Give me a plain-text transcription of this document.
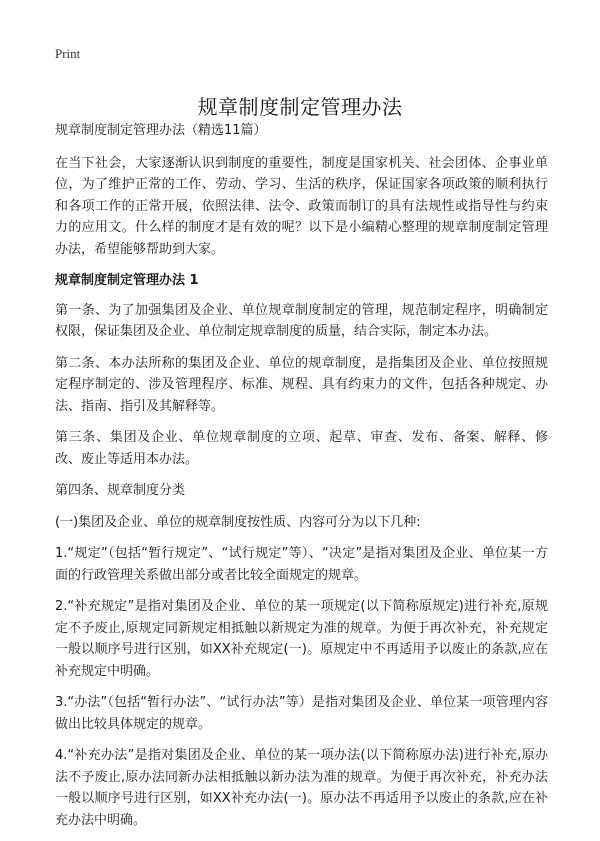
Print
规章制度制定管理办法

规章制度制定管理办法（精选11篇）

在当下社会，大家逐渐认识到制度的重要性，制度是国家机关、社会团体、企事业单位，为了维护正常的工作、劳动、学习、生活的秩序，保证国家各项政策的顺利执行和各项工作的正常开展，依照法律、法令、政策而制订的具有法规性或指导性与约束力的应用文。什么样的制度才是有效的呢？以下是小编精心整理的规章制度制定管理办法，希望能够帮助到大家。

规章制度制定管理办法 1

第一条、为了加强集团及企业、单位规章制度制定的管理，规范制定程序，明确制定权限，保证集团及企业、单位制定规章制度的质量，结合实际，制定本办法。

第二条、本办法所称的集团及企业、单位的规章制度，是指集团及企业、单位按照规定程序制定的、涉及管理程序、标准、规程、具有约束力的文件，包括各种规定、办法、指南、指引及其解释等。

第三条、集团及企业、单位规章制度的立项、起草、审查、发布、备案、解释、修改、废止等适用本办法。

第四条、规章制度分类

(一)集团及企业、单位的规章制度按性质、内容可分为以下几种:

1.“规定”（包括“暂行规定”、“试行规定”等）、“决定”是指对集团及企业、单位某一方面的行政管理关系做出部分或者比较全面规定的规章。

2.“补充规定”是指对集团及企业、单位的某一项规定(以下简称原规定)进行补充,原规定不予废止,原规定同新规定相抵触以新规定为准的规章。为便于再次补充，补充规定一般以顺序号进行区别，如XX补充规定(一)。原规定中不再适用予以废止的条款,应在补充规定中明确。

3.“办法”（包括“暂行办法”、“试行办法”等）是指对集团及企业、单位某一项管理内容做出比较具体规定的规章。

4.“补充办法”是指对集团及企业、单位的某一项办法(以下简称原办法)进行补充,原办法不予废止,原办法同新办法相抵触以新办法为准的规章。为便于再次补充，补充办法一般以顺序号进行区别，如XX补充办法(一)。原办法不再适用予以废止的条款,应在补充办法中明确。
